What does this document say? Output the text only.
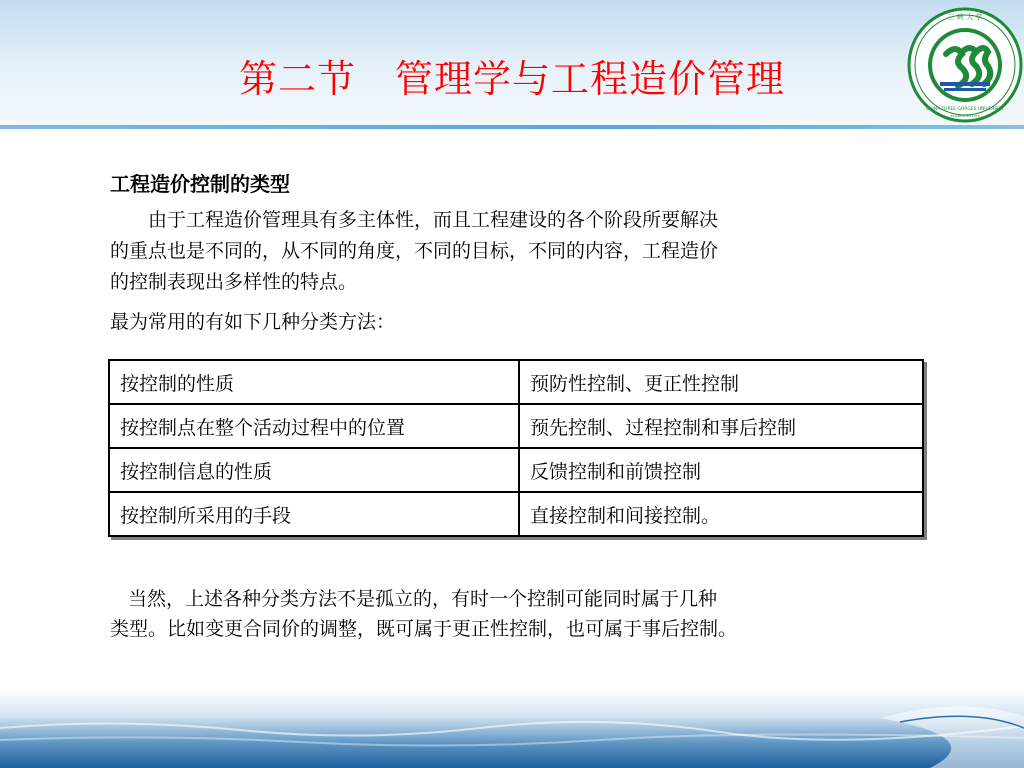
第二节　管理学与工程造价管理
三 峡 大 学
CHINA THREE GORGES UNIVERSITY
ESTABLISHED 1978
工程造价控制的类型
由于工程造价管理具有多主体性，而且工程建设的各个阶段所要解决
的重点也是不同的，从不同的角度，不同的目标，不同的内容，工程造价
的控制表现出多样性的特点。
最为常用的有如下几种分类方法：
按控制的性质	预防性控制、更正性控制
按控制点在整个活动过程中的位置	预先控制、过程控制和事后控制
按控制信息的性质	反馈控制和前馈控制
按控制所采用的手段	直接控制和间接控制。
当然，上述各种分类方法不是孤立的，有时一个控制可能同时属于几种
类型。比如变更合同价的调整，既可属于更正性控制，也可属于事后控制。
